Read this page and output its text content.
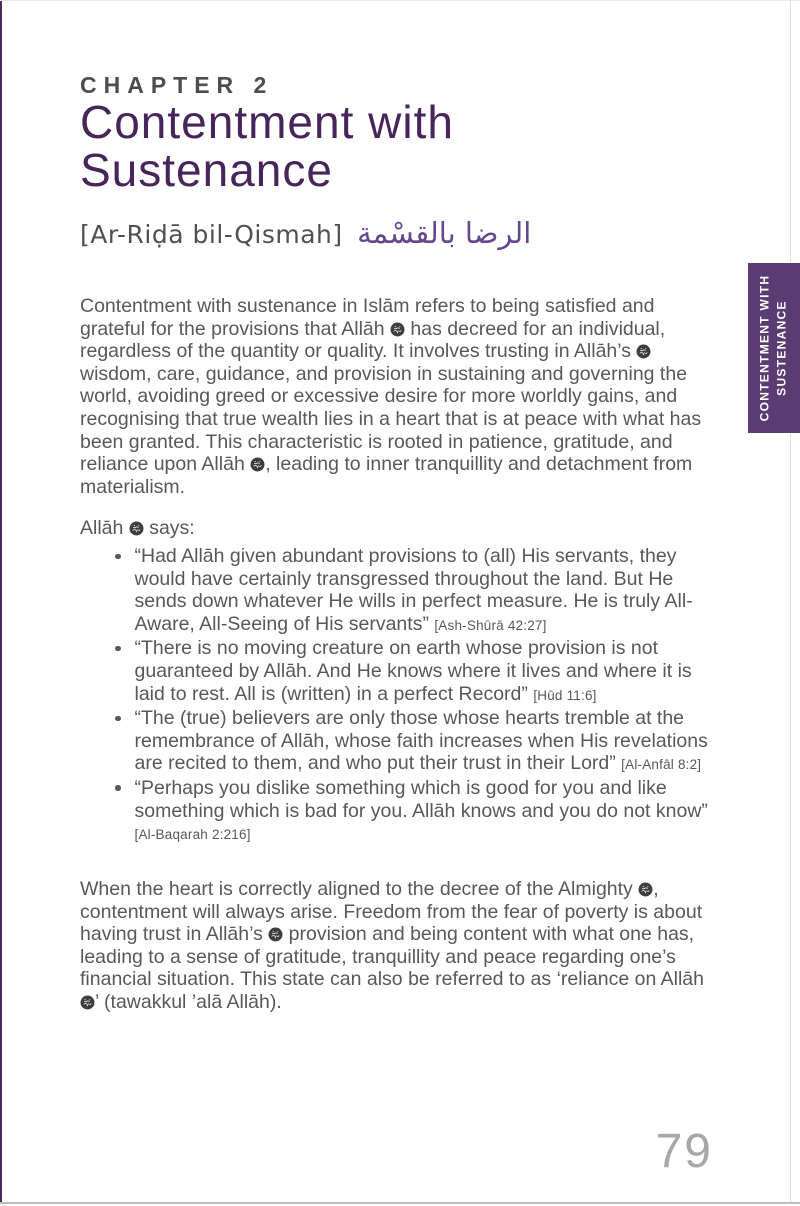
CHAPTER 2
Contentment with
Sustenance
[Ar-Riḍā bil-Qismah] الرضا بالقسْمة

Contentment with sustenance in Islām refers to being satisfied and grateful for the provisions that Allāh
has decreed for an individual, regardless of the quantity or quality. It involves trusting in Allāh’s
wisdom, care, guidance, and provision in sustaining and governing the world, avoiding greed or excessive desire for more worldly gains, and recognising that true wealth lies in a heart that is at peace with what has been granted. This characteristic is rooted in patience, gratitude, and reliance upon Allāh
, leading to inner tranquillity and detachment from materialism.

Allāh
says:

“Had Allāh given abundant provisions to (all) His servants, they would have certainly transgressed throughout the land. But He sends down whatever He wills in perfect measure. He is truly All-Aware, All-Seeing of His servants” [Ash-Shūrā 42:27]
“There is no moving creature on earth whose provision is not guaranteed by Allāh. And He knows where it lives and where it is laid to rest. All is (written) in a perfect Record” [Hūd 11:6]
“The (true) believers are only those whose hearts tremble at the remembrance of Allāh, whose faith increases when His revelations are recited to them, and who put their trust in their Lord” [Al-Anfāl 8:2]
“Perhaps you dislike something which is good for you and like something which is bad for you. Allāh knows and you do not know” [Al-Baqarah 2:216]

When the heart is correctly aligned to the decree of the Almighty
, contentment will always arise. Freedom from the fear of poverty is about having trust in Allāh’s
provision and being content with what one has, leading to a sense of gratitude, tranquillity and peace regarding one’s financial situation. This state can also be referred to as ‘reliance on Allāh
’ (tawakkul ’alā Allāh).

CONTENTMENT WITH SUSTENANCE
79
